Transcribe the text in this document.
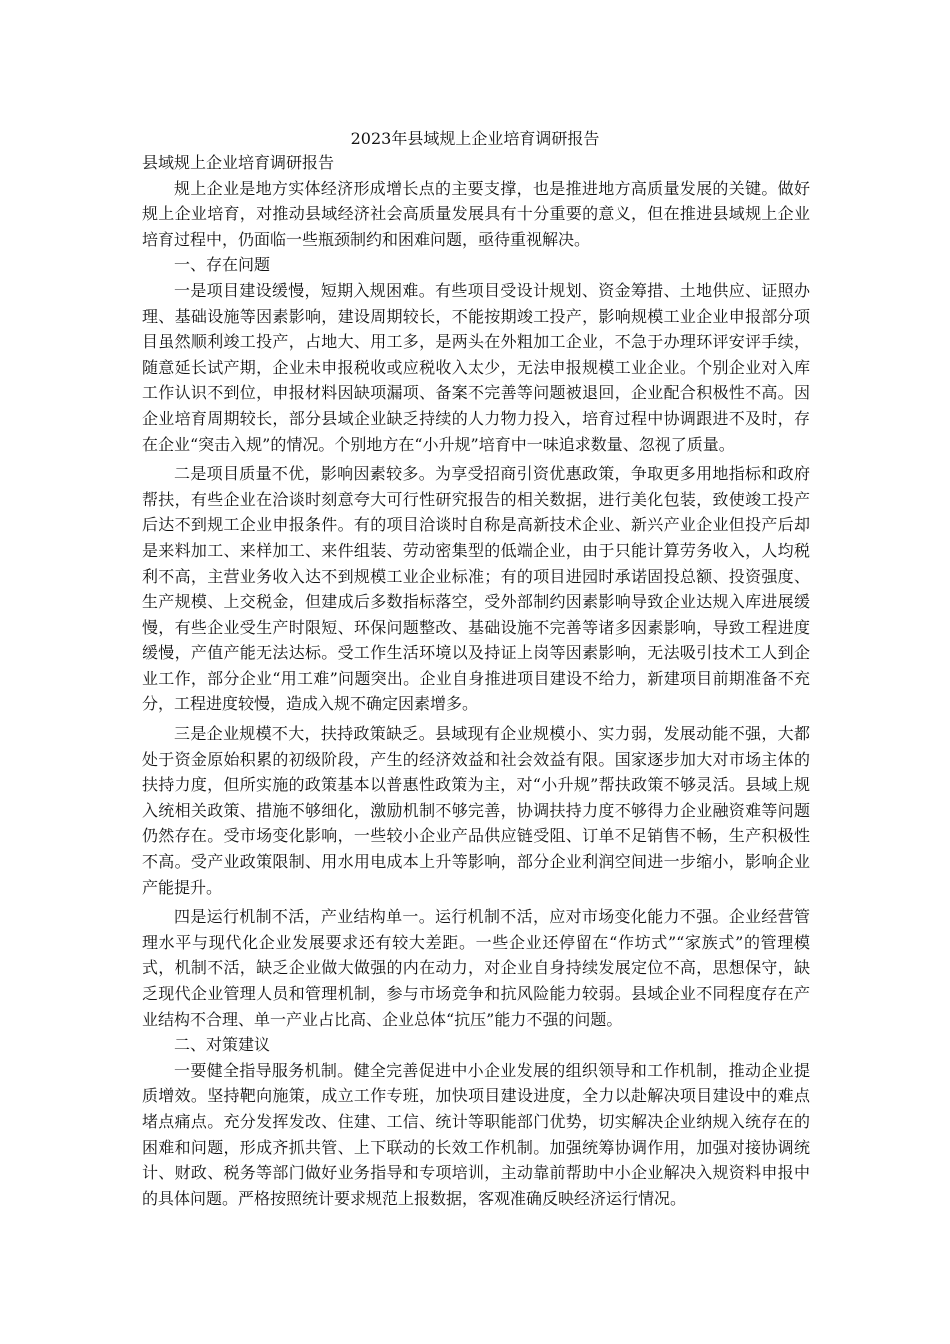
2023年县域规上企业培育调研报告

县域规上企业培育调研报告

规上企业是地方实体经济形成增长点的主要支撑，也是推进地方高质量发展的关键。做好规上企业培育，对推动县域经济社会高质量发展具有十分重要的意义，但在推进县域规上企业培育过程中，仍面临一些瓶颈制约和困难问题，亟待重视解决。

一、存在问题

一是项目建设缓慢，短期入规困难。有些项目受设计规划、资金筹措、土地供应、证照办理、基础设施等因素影响，建设周期较长，不能按期竣工投产，影响规模工业企业申报部分项目虽然顺利竣工投产，占地大、用工多，是两头在外粗加工企业，不急于办理环评安评手续，随意延长试产期，企业未申报税收或应税收入太少，无法申报规模工业企业。个别企业对入库工作认识不到位，申报材料因缺项漏项、备案不完善等问题被退回，企业配合积极性不高。因企业培育周期较长，部分县域企业缺乏持续的人力物力投入，培育过程中协调跟进不及时，存在企业“突击入规”的情况。个别地方在“小升规”培育中一味追求数量、忽视了质量。

二是项目质量不优，影响因素较多。为享受招商引资优惠政策，争取更多用地指标和政府帮扶，有些企业在洽谈时刻意夸大可行性研究报告的相关数据，进行美化包装，致使竣工投产后达不到规工企业申报条件。有的项目洽谈时自称是高新技术企业、新兴产业企业但投产后却是来料加工、来样加工、来件组装、劳动密集型的低端企业，由于只能计算劳务收入，人均税利不高，主营业务收入达不到规模工业企业标准；有的项目进园时承诺固投总额、投资强度、生产规模、上交税金，但建成后多数指标落空，受外部制约因素影响导致企业达规入库进展缓慢，有些企业受生产时限短、环保问题整改、基础设施不完善等诸多因素影响，导致工程进度缓慢，产值产能无法达标。受工作生活环境以及持证上岗等因素影响，无法吸引技术工人到企业工作，部分企业“用工难”问题突出。企业自身推进项目建设不给力，新建项目前期准备不充分，工程进度较慢，造成入规不确定因素增多。

三是企业规模不大，扶持政策缺乏。县域现有企业规模小、实力弱，发展动能不强，大都处于资金原始积累的初级阶段，产生的经济效益和社会效益有限。国家逐步加大对市场主体的扶持力度，但所实施的政策基本以普惠性政策为主，对“小升规”帮扶政策不够灵活。县域上规入统相关政策、措施不够细化，激励机制不够完善，协调扶持力度不够得力企业融资难等问题仍然存在。受市场变化影响，一些较小企业产品供应链受阻、订单不足销售不畅，生产积极性不高。受产业政策限制、用水用电成本上升等影响，部分企业利润空间进一步缩小，影响企业产能提升。

四是运行机制不活，产业结构单一。运行机制不活，应对市场变化能力不强。企业经营管理水平与现代化企业发展要求还有较大差距。一些企业还停留在“作坊式”“家族式”的管理模式，机制不活，缺乏企业做大做强的内在动力，对企业自身持续发展定位不高，思想保守，缺乏现代企业管理人员和管理机制，参与市场竞争和抗风险能力较弱。县域企业不同程度存在产业结构不合理、单一产业占比高、企业总体“抗压”能力不强的问题。

二、对策建议

一要健全指导服务机制。健全完善促进中小企业发展的组织领导和工作机制，推动企业提质增效。坚持靶向施策，成立工作专班，加快项目建设进度，全力以赴解决项目建设中的难点堵点痛点。充分发挥发改、住建、工信、统计等职能部门优势，切实解决企业纳规入统存在的困难和问题，形成齐抓共管、上下联动的长效工作机制。加强统筹协调作用，加强对接协调统计、财政、税务等部门做好业务指导和专项培训，主动靠前帮助中小企业解决入规资料申报中的具体问题。严格按照统计要求规范上报数据，客观准确反映经济运行情况。
